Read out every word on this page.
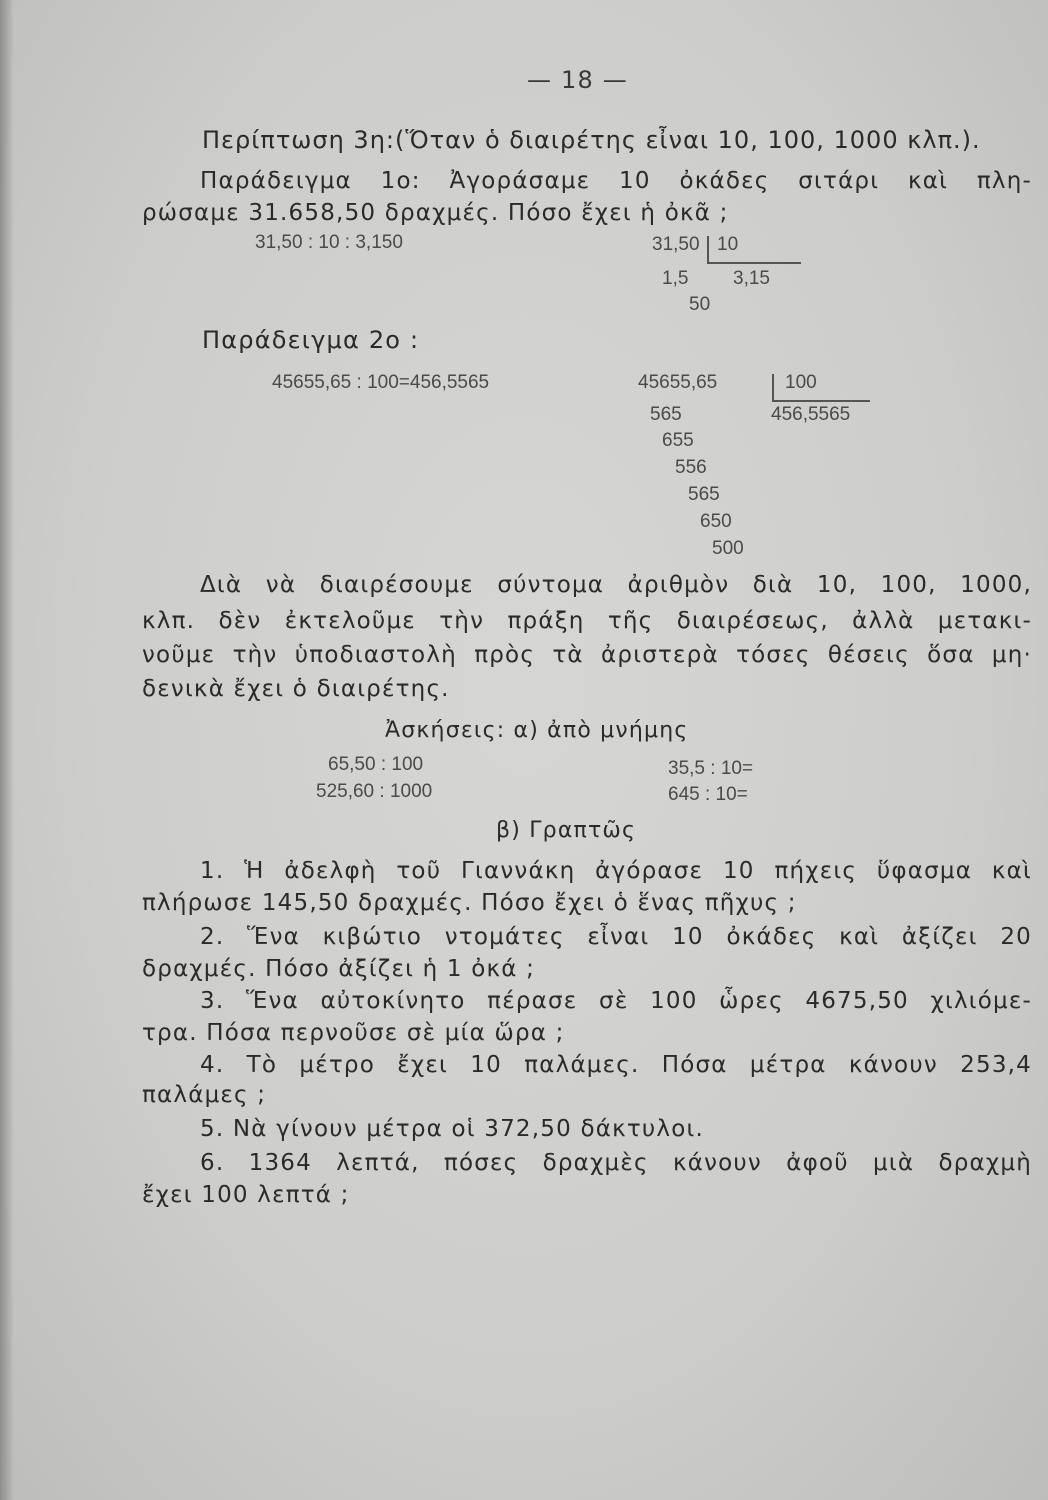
— 18 —
Περίπτωση 3η:(Ὅταν ὁ διαιρέτης εἶναι 10, 100, 1000 κλπ.).
Παράδειγμα 1ο: Ἀγοράσαμε 10 ὀκάδες σιτάρι καὶ πλη-
ρώσαμε 31.658,50 δραχμές. Πόσο ἔχει ἡ ὀκᾶ ;
31,50 : 10 : 3,150	31,50 10
1,5 3,15
50
Παράδειγμα 2ο :
45655,65 : 100=456,5565	45655,65	100
565	456,5565
655
556
565
650
500
Διὰ νὰ διαιρέσουμε σύντομα ἀριθμὸν διὰ 10, 100, 1000,
κλπ. δὲν ἐκτελοῦμε τὴν πράξη τῆς διαιρέσεως, ἀλλὰ μετακι-
νοῦμε τὴν ὑποδιαστολὴ πρὸς τὰ ἀριστερὰ τόσες θέσεις ὅσα μη·
δενικὰ ἔχει ὁ διαιρέτης.
Ἀσκήσεις: α) ἀπὸ μνήμης
65,50 : 100
525,60 : 1000
35,5 : 10=
645 : 10=
β) Γραπτῶς
1. Ἡ ἀδελφὴ τοῦ Γιαννάκη ἀγόρασε 10 πήχεις ὕφασμα καὶ
πλήρωσε 145,50 δραχμές. Πόσο ἔχει ὁ ἕνας πῆχυς ;
2. Ἕνα κιβώτιο ντομάτες εἶναι 10 ὀκάδες καὶ ἀξίζει 20
δραχμές. Πόσο ἀξίζει ἡ 1 ὀκά ;
3. Ἕνα αὐτοκίνητο πέρασε σὲ 100 ὧρες 4675,50 χιλιόμε-
τρα. Πόσα περνοῦσε σὲ μία ὥρα ;
4. Τὸ μέτρο ἔχει 10 παλάμες. Πόσα μέτρα κάνουν 253,4
παλάμες ;
5. Νὰ γίνουν μέτρα οἱ 372,50 δάκτυλοι.
6. 1364 λεπτά, πόσες δραχμὲς κάνουν ἀφοῦ μιὰ δραχμὴ
ἔχει 100 λεπτά ;
